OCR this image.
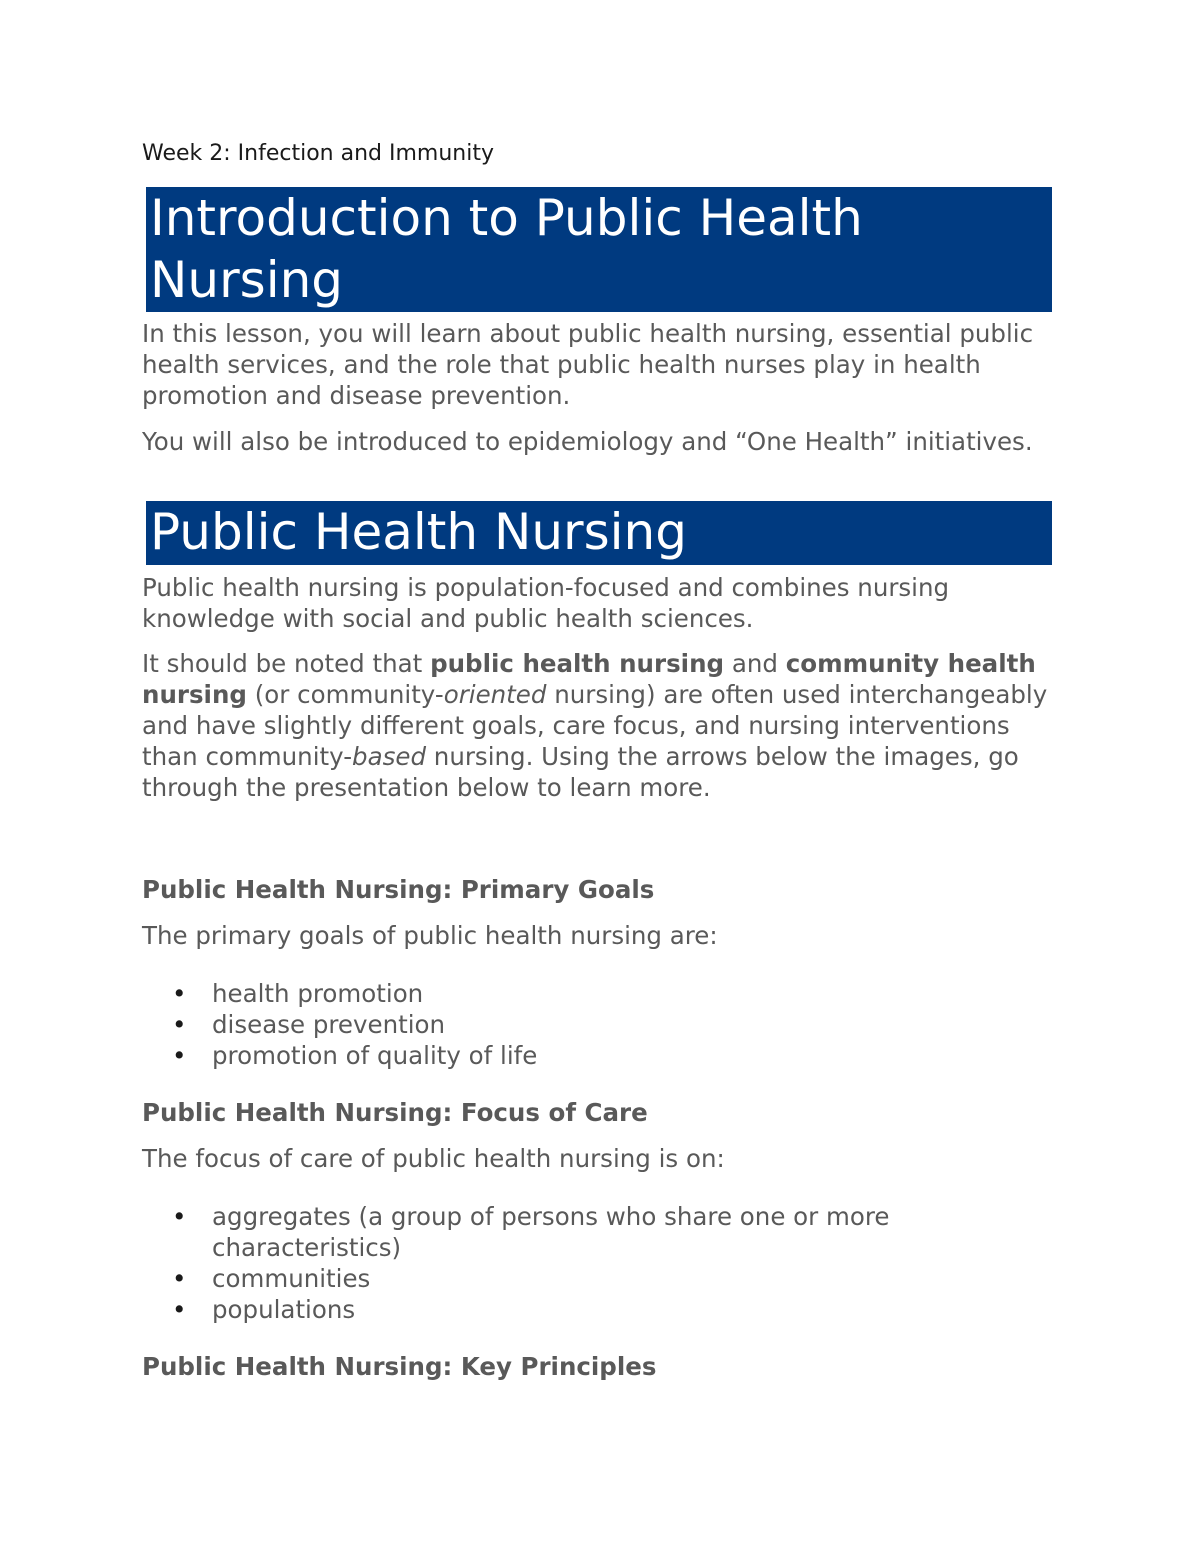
Week 2: Infection and Immunity
Introduction to Public Health Nursing

In this lesson, you will learn about public health nursing, essential public health services, and the role that public health nurses play in health promotion and disease prevention.

You will also be introduced to epidemiology and “One Health” initiatives.

Public Health Nursing

Public health nursing is population-focused and combines nursing knowledge with social and public health sciences.

It should be noted that public health nursing and community health nursing (or community-oriented nursing) are often used interchangeably and have slightly different goals, care focus, and nursing interventions than community-based nursing. Using the arrows below the images, go through the presentation below to learn more.

Public Health Nursing: Primary Goals

The primary goals of public health nursing are:

• health promotion
• disease prevention
• promotion of quality of life
Public Health Nursing: Focus of Care

The focus of care of public health nursing is on:

• aggregates (a group of persons who share one or more characteristics)
• communities
• populations
Public Health Nursing: Key Principles
